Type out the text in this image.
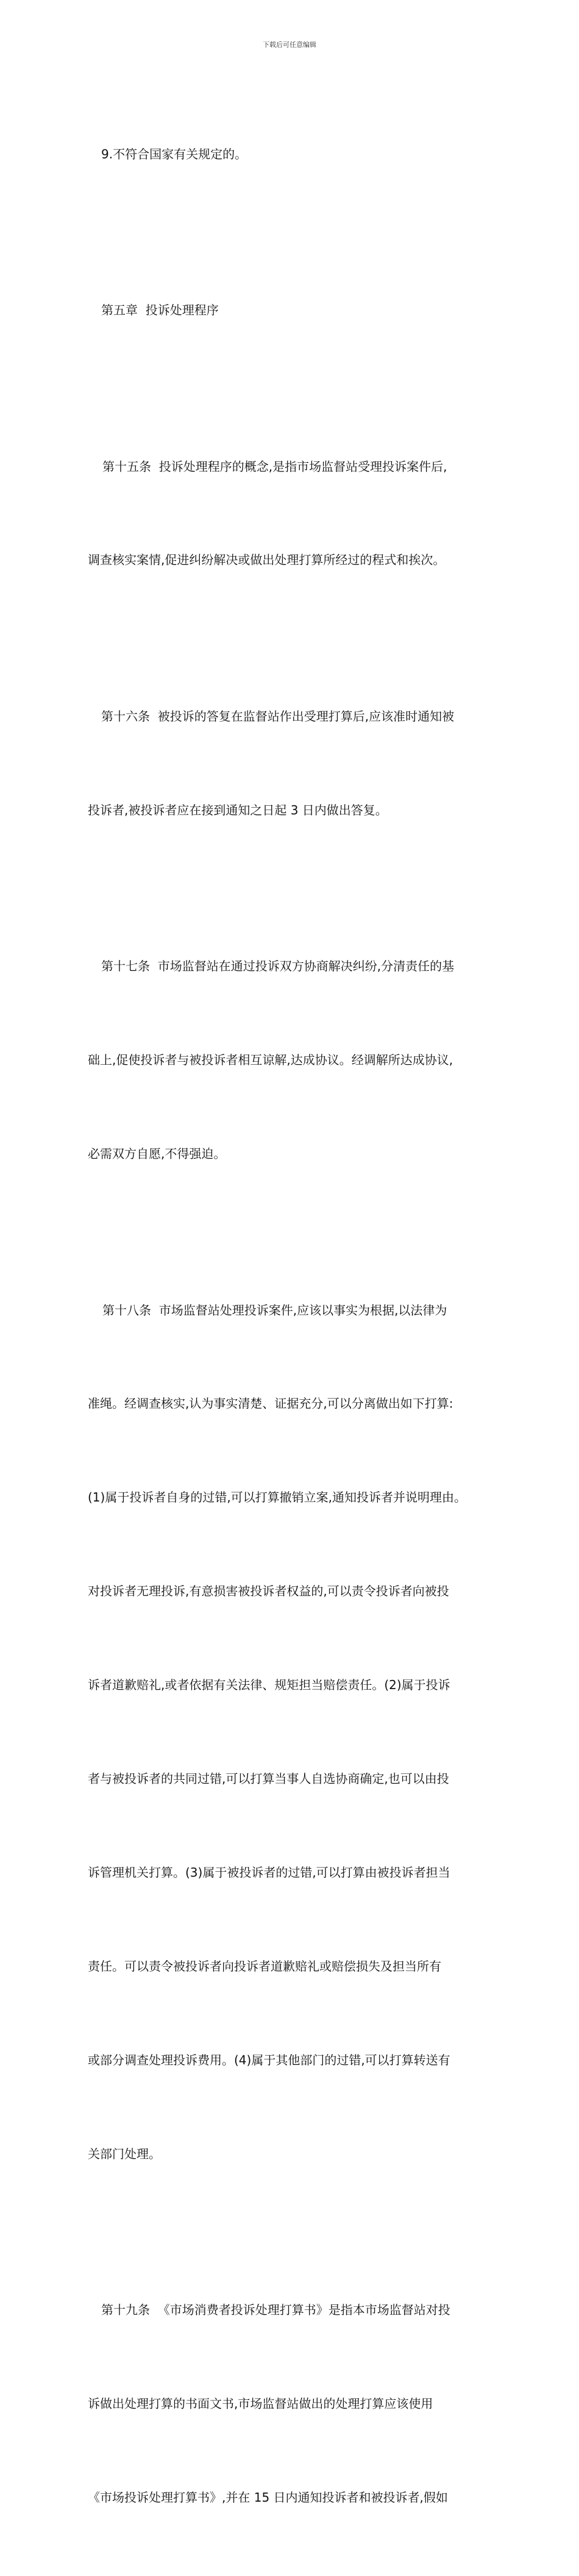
下载后可任意编辑

9.不符合国家有关规定的。

第五章  投诉处理程序

第十五条  投诉处理程序的概念,是指市场监督站受理投诉案件后,

调查核实案情,促进纠纷解决或做出处理打算所经过的程式和挨次。

第十六条  被投诉的答复在监督站作出受理打算后,应该准时通知被

投诉者,被投诉者应在接到通知之日起 3 日内做出答复。

第十七条  市场监督站在通过投诉双方协商解决纠纷,分清责任的基

础上,促使投诉者与被投诉者相互谅解,达成协议。经调解所达成协议,

必需双方自愿,不得强迫。

第十八条  市场监督站处理投诉案件,应该以事实为根据,以法律为

准绳。经调查核实,认为事实清楚、证据充分,可以分离做出如下打算:

(1)属于投诉者自身的过错,可以打算撤销立案,通知投诉者并说明理由。

对投诉者无理投诉,有意损害被投诉者权益的,可以责令投诉者向被投

诉者道歉赔礼,或者依据有关法律、规矩担当赔偿责任。(2)属于投诉

者与被投诉者的共同过错,可以打算当事人自选协商确定,也可以由投

诉管理机关打算。(3)属于被投诉者的过错,可以打算由被投诉者担当

责任。可以责令被投诉者向投诉者道歉赔礼或赔偿损失及担当所有

或部分调查处理投诉费用。(4)属于其他部门的过错,可以打算转送有

关部门处理。

第十九条  《市场消费者投诉处理打算书》是指本市场监督站对投

诉做出处理打算的书面文书,市场监督站做出的处理打算应该使用

《市场投诉处理打算书》,并在 15 日内通知投诉者和被投诉者,假如
